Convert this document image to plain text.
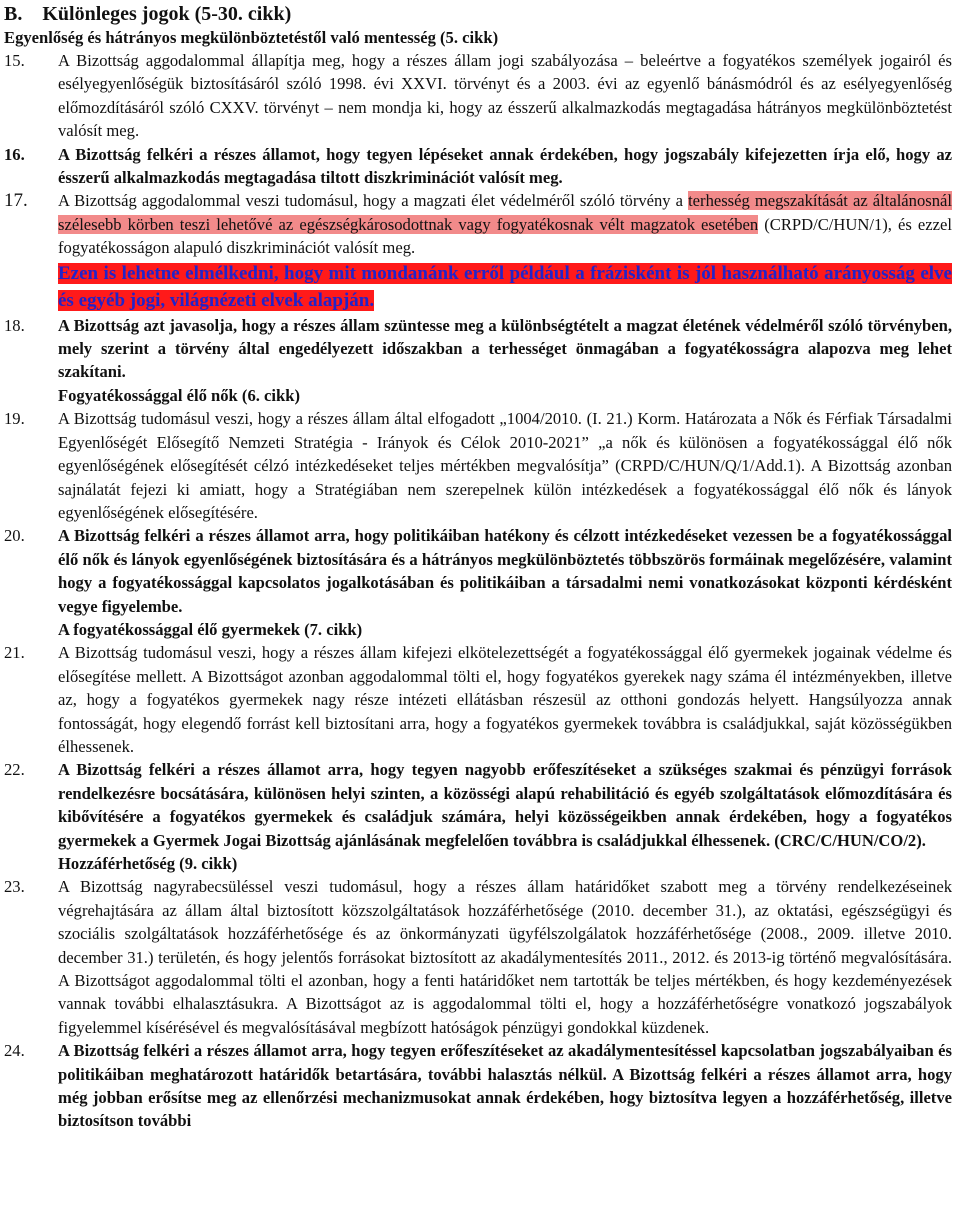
B.    Különleges jogok (5-30. cikk)
Egyenlőség és hátrányos megkülönböztetéstől való mentesség (5. cikk)
15.	A Bizottság aggodalommal állapítja meg, hogy a részes állam jogi szabályozása – beleértve a fogyatékos személyek jogairól és esélyegyenlőségük biztosításáról szóló 1998. évi XXVI. törvényt és a 2003. évi az egyenlő bánásmódról és az esélyegyenlőség előmozdításáról szóló CXXV. törvényt – nem mondja ki, hogy az ésszerű alkalmazkodás megtagadása hátrányos megkülönböztetést valósít meg.
16.	A Bizottság felkéri a részes államot, hogy tegyen lépéseket annak érdekében, hogy jogszabály kifejezetten írja elő, hogy az ésszerű alkalmazkodás megtagadása tiltott diszkriminációt valósít meg.
17.	A Bizottság aggodalommal veszi tudomásul, hogy a magzati élet védelméről szóló törvény a terhesség megszakítását az általánosnál szélesebb körben teszi lehetővé az egészségkárosodottnak vagy fogyatékosnak vélt magzatok esetében (CRPD/C/HUN/1), és ezzel fogyatékosságon alapuló diszkriminációt valósít meg.
Ezen is lehetne elmélkedni, hogy mit mondanánk erről például a frázisként is jól használható arányosság elve és egyéb jogi, világnézeti elvek alapján.
18.	A Bizottság azt javasolja, hogy a részes állam szüntesse meg a különbségtételt a magzat életének védelméről szóló törvényben, mely szerint a törvény által engedélyezett időszakban a terhességet önmagában a fogyatékosságra alapozva meg lehet szakítani.
Fogyatékossággal élő nők (6. cikk)
19.	A Bizottság tudomásul veszi, hogy a részes állam által elfogadott „1004/2010. (I. 21.) Korm. Határozata a Nők és Férfiak Társadalmi Egyenlőségét Elősegítő Nemzeti Stratégia - Irányok és Célok 2010-2021” „a nők és különösen a fogyatékossággal élő nők egyenlőségének elősegítését célzó intézkedéseket teljes mértékben megvalósítja” (CRPD/C/HUN/Q/1/Add.1). A Bizottság azonban sajnálatát fejezi ki amiatt, hogy a Stratégiában nem szerepelnek külön intézkedések a fogyatékossággal élő nők és lányok egyenlőségének elősegítésére.
20.	A Bizottság felkéri a részes államot arra, hogy politikáiban hatékony és célzott intézkedéseket vezessen be a fogyatékossággal élő nők és lányok egyenlőségének biztosítására és a hátrányos megkülönböztetés többszörös formáinak megelőzésére, valamint hogy a fogyatékossággal kapcsolatos jogalkotásában és politikáiban a társadalmi nemi vonatkozásokat központi kérdésként vegye figyelembe.
A fogyatékossággal élő gyermekek (7. cikk)
21.	A Bizottság tudomásul veszi, hogy a részes állam kifejezi elkötelezettségét a fogyatékossággal élő gyermekek jogainak védelme és elősegítése mellett. A Bizottságot azonban aggodalommal tölti el, hogy fogyatékos gyerekek nagy száma él intézményekben, illetve az, hogy a fogyatékos gyermekek nagy része intézeti ellátásban részesül az otthoni gondozás helyett. Hangsúlyozza annak fontosságát, hogy elegendő forrást kell biztosítani arra, hogy a fogyatékos gyermekek továbbra is családjukkal, saját közösségükben élhessenek.
22.	A Bizottság felkéri a részes államot arra, hogy tegyen nagyobb erőfeszítéseket a szükséges szakmai és pénzügyi források rendelkezésre bocsátására, különösen helyi szinten, a közösségi alapú rehabilitáció és egyéb szolgáltatások előmozdítására és kibővítésére a fogyatékos gyermekek és családjuk számára, helyi közösségeikben annak érdekében, hogy a fogyatékos gyermekek a Gyermek Jogai Bizottság ajánlásának megfelelően továbbra is családjukkal élhessenek. (CRC/C/HUN/CO/2).
Hozzáférhetőség (9. cikk)
23.	A Bizottság nagyrabecsüléssel veszi tudomásul, hogy a részes állam határidőket szabott meg a törvény rendelkezéseinek végrehajtására az állam által biztosított közszolgáltatások hozzáférhetősége (2010. december 31.), az oktatási, egészségügyi és szociális szolgáltatások hozzáférhetősége és az önkormányzati ügyfélszolgálatok hozzáférhetősége (2008., 2009. illetve 2010. december 31.) területén, és hogy jelentős forrásokat biztosított az akadálymentesítés 2011., 2012. és 2013-ig történő megvalósítására. A Bizottságot aggodalommal tölti el azonban, hogy a fenti határidőket nem tartották be teljes mértékben, és hogy kezdeményezések vannak további elhalasztásukra. A Bizottságot az is aggodalommal tölti el, hogy a hozzáférhetőségre vonatkozó jogszabályok figyelemmel kísérésével és megvalósításával megbízott hatóságok pénzügyi gondokkal küzdenek.
24.	A Bizottság felkéri a részes államot arra, hogy tegyen erőfeszítéseket az akadálymentesítéssel kapcsolatban jogszabályaiban és politikáiban meghatározott határidők betartására, további halasztás nélkül. A Bizottság felkéri a részes államot arra, hogy még jobban erősítse meg az ellenőrzési mechanizmusokat annak érdekében, hogy biztosítva legyen a hozzáférhetőség, illetve biztosítson további
